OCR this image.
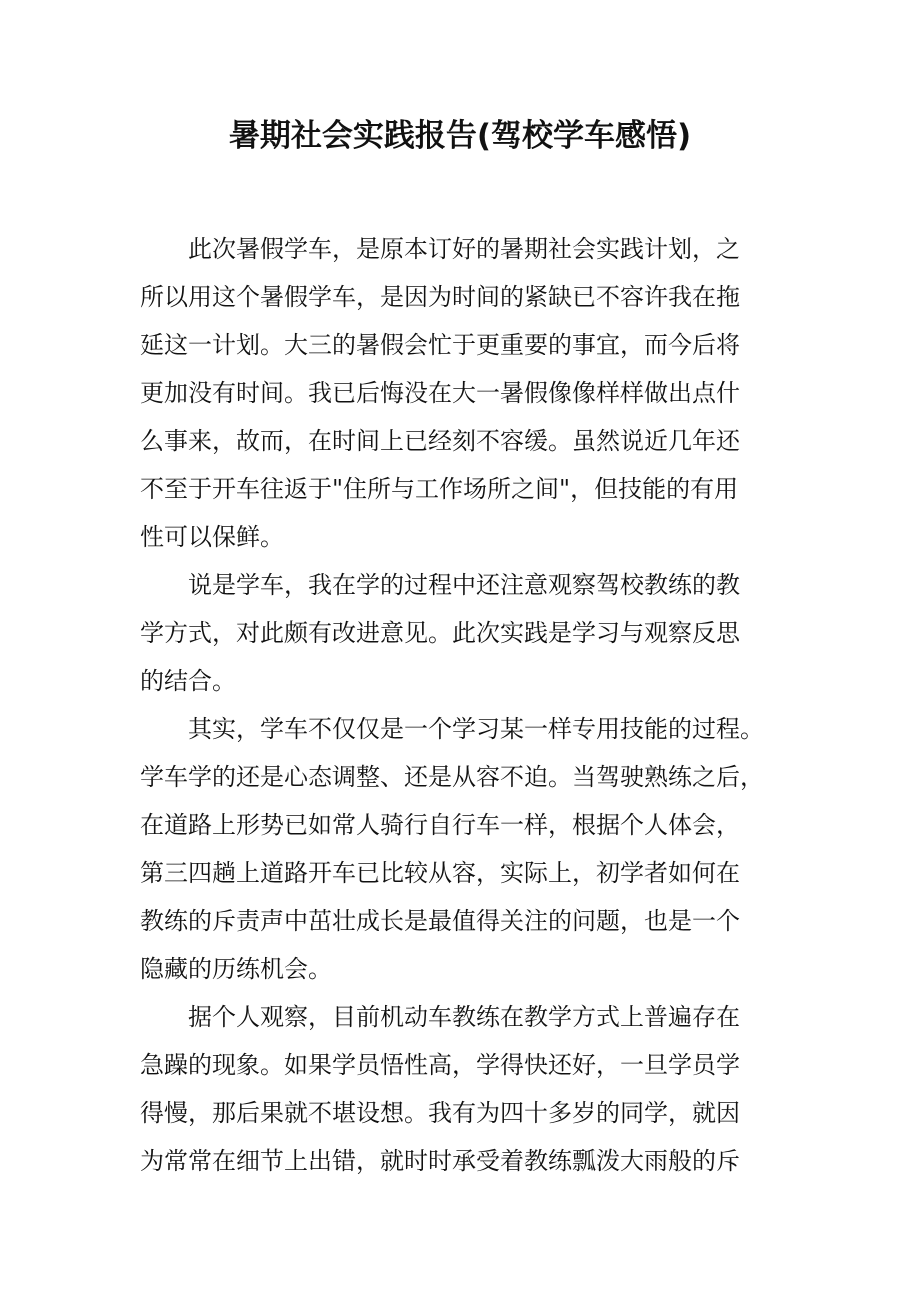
暑期社会实践报告(驾校学车感悟)
此次暑假学车，是原本订好的暑期社会实践计划，之
所以用这个暑假学车，是因为时间的紧缺已不容许我在拖
延这一计划。大三的暑假会忙于更重要的事宜，而今后将
更加没有时间。我已后悔没在大一暑假像像样样做出点什
么事来，故而，在时间上已经刻不容缓。虽然说近几年还
不至于开车往返于"住所与工作场所之间"，但技能的有用
性可以保鲜。
说是学车，我在学的过程中还注意观察驾校教练的教
学方式，对此颇有改进意见。此次实践是学习与观察反思
的结合。
其实，学车不仅仅是一个学习某一样专用技能的过程。
学车学的还是心态调整、还是从容不迫。当驾驶熟练之后，
在道路上形势已如常人骑行自行车一样，根据个人体会，
第三四趟上道路开车已比较从容，实际上，初学者如何在
教练的斥责声中茁壮成长是最值得关注的问题，也是一个
隐藏的历练机会。
据个人观察，目前机动车教练在教学方式上普遍存在
急躁的现象。如果学员悟性高，学得快还好，一旦学员学
得慢，那后果就不堪设想。我有为四十多岁的同学，就因
为常常在细节上出错，就时时承受着教练瓢泼大雨般的斥
